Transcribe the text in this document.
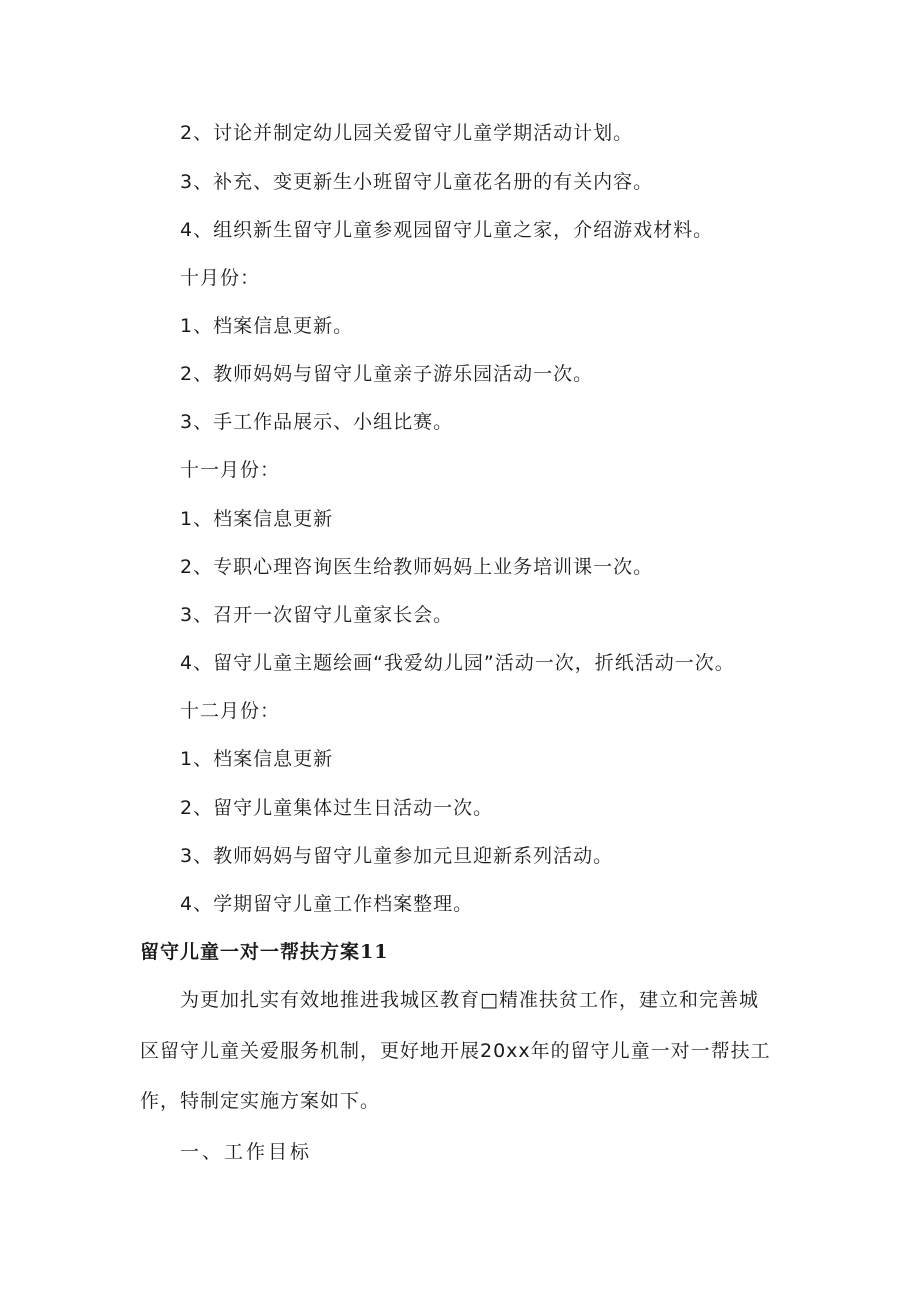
2、讨论并制定幼儿园关爱留守儿童学期活动计划。
3、补充、变更新生小班留守儿童花名册的有关内容。
4、组织新生留守儿童参观园留守儿童之家，介绍游戏材料。
十月份：
1、档案信息更新。
2、教师妈妈与留守儿童亲子游乐园活动一次。
3、手工作品展示、小组比赛。
十一月份：
1、档案信息更新
2、专职心理咨询医生给教师妈妈上业务培训课一次。
3、召开一次留守儿童家长会。
4、留守儿童主题绘画“我爱幼儿园”活动一次，折纸活动一次。
十二月份：
1、档案信息更新
2、留守儿童集体过生日活动一次。
3、教师妈妈与留守儿童参加元旦迎新系列活动。
4、学期留守儿童工作档案整理。
留守儿童一对一帮扶方案11
为更加扎实有效地推进我城区教育□精准扶贫工作，建立和完善城
区留守儿童关爱服务机制，更好地开展20xx年的留守儿童一对一帮扶工
作，特制定实施方案如下。
一、工作目标
